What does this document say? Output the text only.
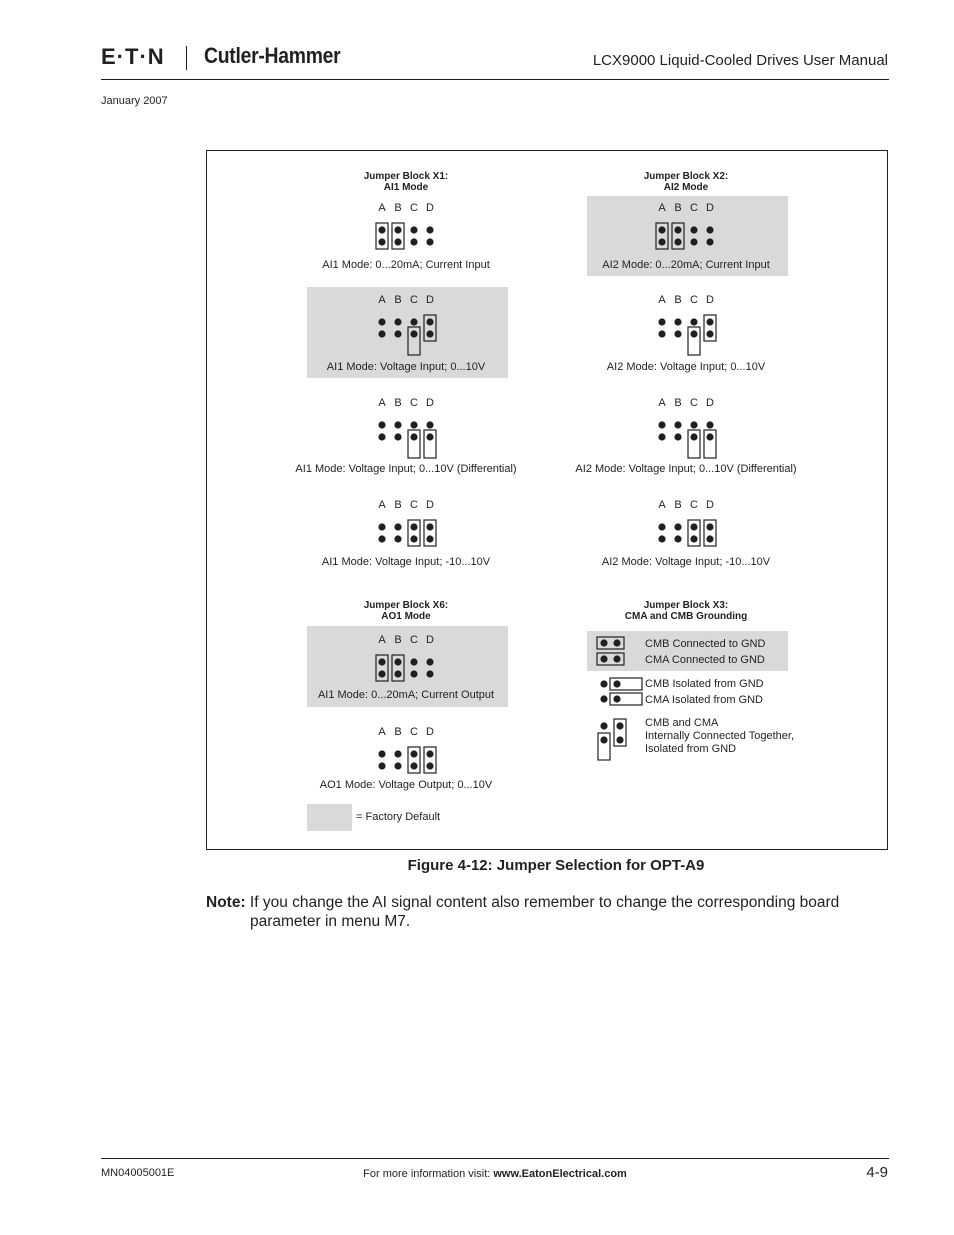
E·T·N Cutler-Hammer	LCX9000 Liquid-Cooled Drives User Manual
January 2007
Jumper Block X1:
AI1 Mode
Jumper Block X2:
AI2 Mode
A B C D
AI1 Mode: 0...20mA; Current Input
A B C D
AI1 Mode: Voltage Input; 0...10V
A B C D
AI1 Mode: Voltage Input; 0...10V (Differential)
A B C D
AI1 Mode: Voltage Input; -10...10V
A B C D
AI2 Mode: 0...20mA; Current Input
A B C D
AI2 Mode: Voltage Input; 0...10V
A B C D
AI2 Mode: Voltage Input; 0...10V (Differential)
A B C D
AI2 Mode: Voltage Input; -10...10V
Jumper Block X6:
AO1 Mode
A B C D
AI1 Mode: 0...20mA; Current Output
A B C D
AO1 Mode: Voltage Output; 0...10V
Jumper Block X3:
CMA and CMB Grounding
CMB Connected to GND
CMA Connected to GND
CMB Isolated from GND
CMA Isolated from GND
CMB and CMA
Internally Connected Together,
Isolated from GND
= Factory Default
Figure 4-12: Jumper Selection for OPT-A9
Note: If you change the AI signal content also remember to change the corresponding board
parameter in menu M7.
MN04005001E	For more information visit: www.EatonElectrical.com	4-9
